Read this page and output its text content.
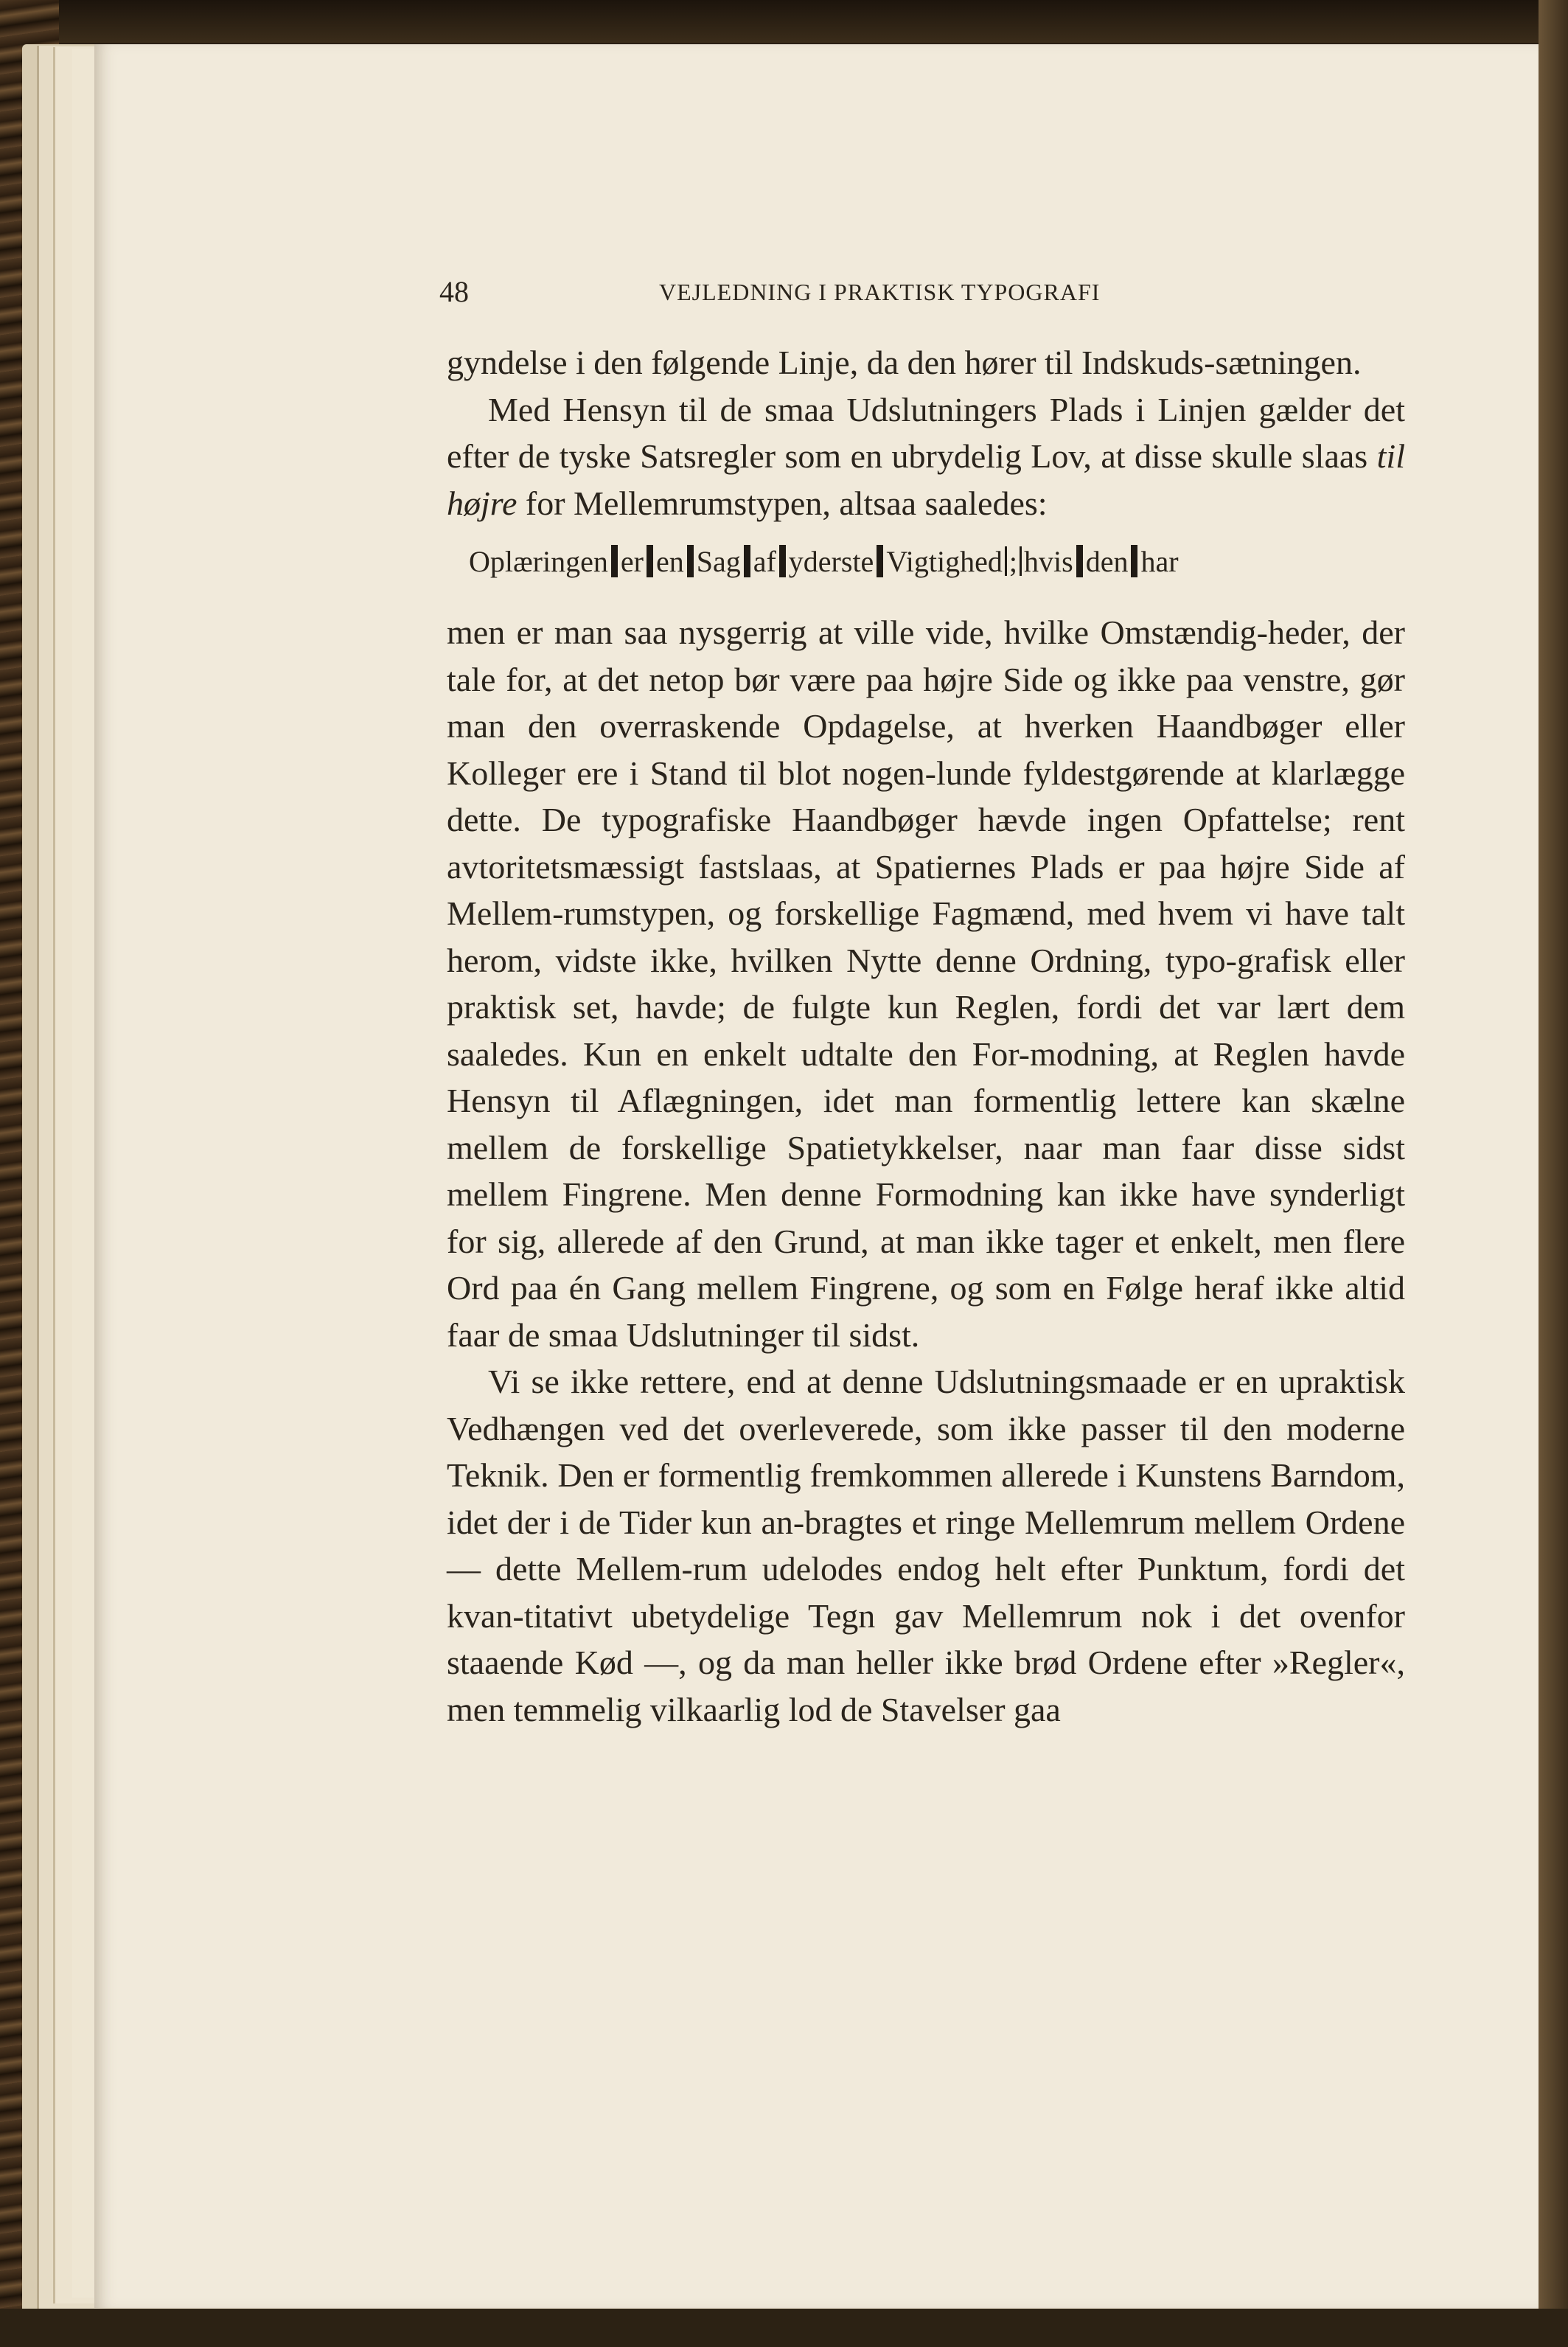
48	VEJLEDNING I PRAKTISK TYPOGRAFI

gyndelse i den følgende Linje, da den hører til Indskuds-sætningen.

Med Hensyn til de smaa Udslutningers Plads i Linjen gælder det efter de tyske Satsregler som en ubrydelig Lov, at disse skulle slaas til højre for Mellemrumstypen, altsaa saaledes:

Oplæringen er en Sag af yderste Vigtighed ; hvis den har

men er man saa nysgerrig at ville vide, hvilke Omstændig-heder, der tale for, at det netop bør være paa højre Side og ikke paa venstre, gør man den overraskende Opdagelse, at hverken Haandbøger eller Kolleger ere i Stand til blot nogen-lunde fyldestgørende at klarlægge dette. De typografiske Haandbøger hævde ingen Opfattelse; rent avtoritetsmæssigt fastslaas, at Spatiernes Plads er paa højre Side af Mellem-rumstypen, og forskellige Fagmænd, med hvem vi have talt herom, vidste ikke, hvilken Nytte denne Ordning, typo-grafisk eller praktisk set, havde; de fulgte kun Reglen, fordi det var lært dem saaledes. Kun en enkelt udtalte den For-modning, at Reglen havde Hensyn til Aflægningen, idet man formentlig lettere kan skælne mellem de forskellige Spatietykkelser, naar man faar disse sidst mellem Fingrene. Men denne Formodning kan ikke have synderligt for sig, allerede af den Grund, at man ikke tager et enkelt, men flere Ord paa én Gang mellem Fingrene, og som en Følge heraf ikke altid faar de smaa Udslutninger til sidst.

Vi se ikke rettere, end at denne Udslutningsmaade er en upraktisk Vedhængen ved det overleverede, som ikke passer til den moderne Teknik. Den er formentlig fremkommen allerede i Kunstens Barndom, idet der i de Tider kun an-bragtes et ringe Mellemrum mellem Ordene — dette Mellem-rum udelodes endog helt efter Punktum, fordi det kvan-titativt ubetydelige Tegn gav Mellemrum nok i det ovenfor staaende Kød —, og da man heller ikke brød Ordene efter »Regler«, men temmelig vilkaarlig lod de Stavelser gaa
